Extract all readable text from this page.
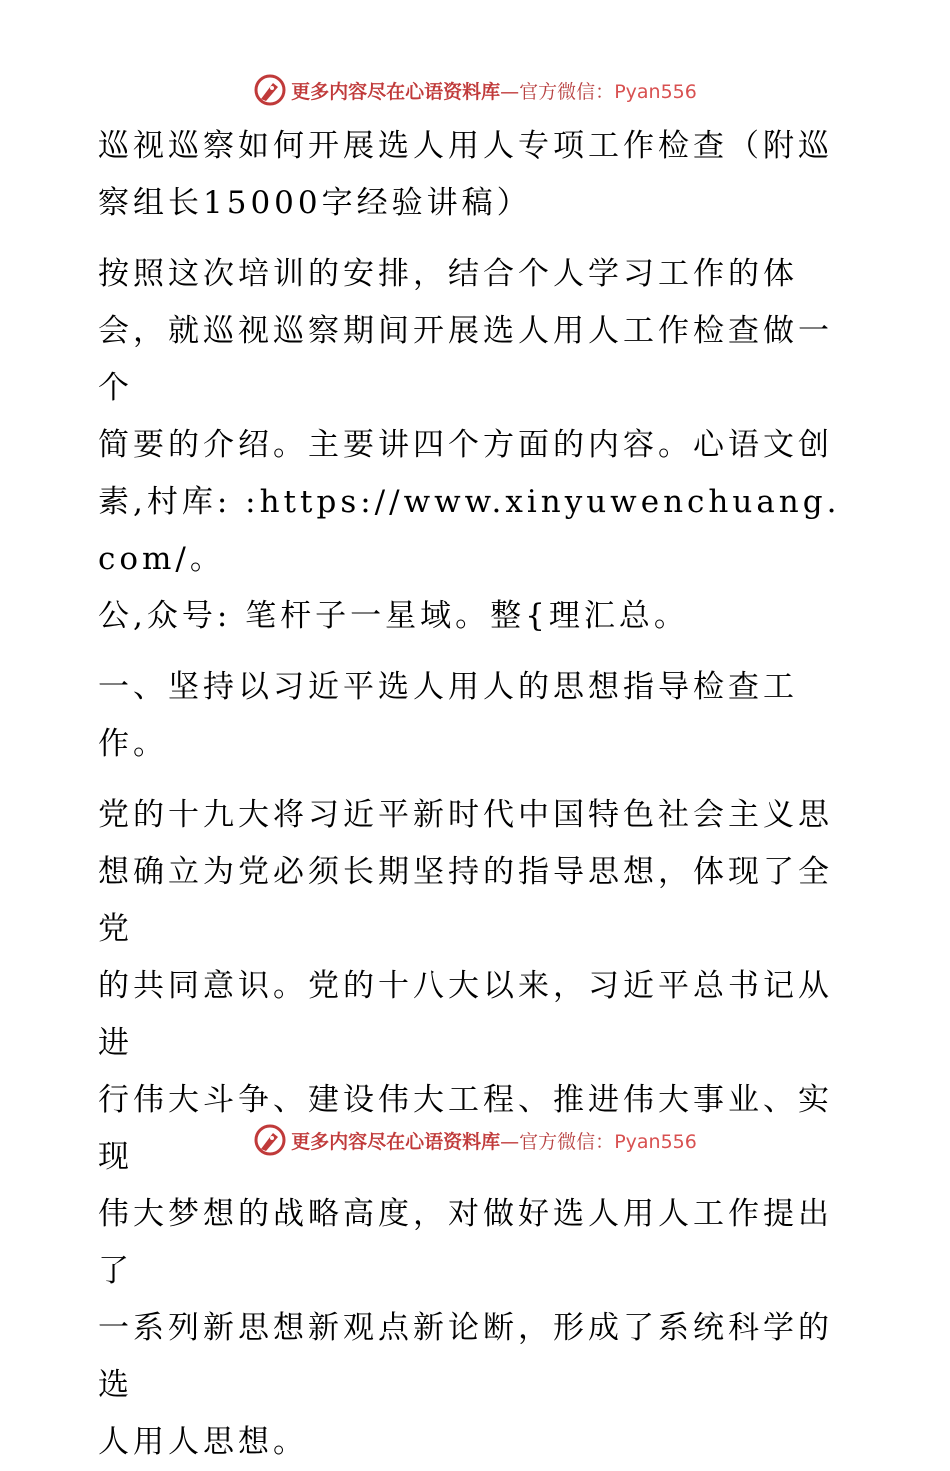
更多内容尽在心语资料库—官方微信：Pyan556
巡视巡察如何开展选人用人专项工作检查（附巡
察组长15000字经验讲稿）
按照这次培训的安排，结合个人学习工作的体
会，就巡视巡察期间开展选人用人工作检查做一个
简要的介绍。主要讲四个方面的内容。心语文创
素,村库: :https://www.xinyuwenchuang.com/。
公,众号: 笔杆子一星域。整{理汇总。
一、坚持以习近平选人用人的思想指导检查工
作。
党的十九大将习近平新时代中国特色社会主义思
想确立为党必须长期坚持的指导思想，体现了全党
的共同意识。党的十八大以来，习近平总书记从进
行伟大斗争、建设伟大工程、推进伟大事业、实现
伟大梦想的战略高度，对做好选人用人工作提出了
一系列新思想新观点新论断，形成了系统科学的选
人用人思想。
更多内容尽在心语资料库—官方微信：Pyan556
